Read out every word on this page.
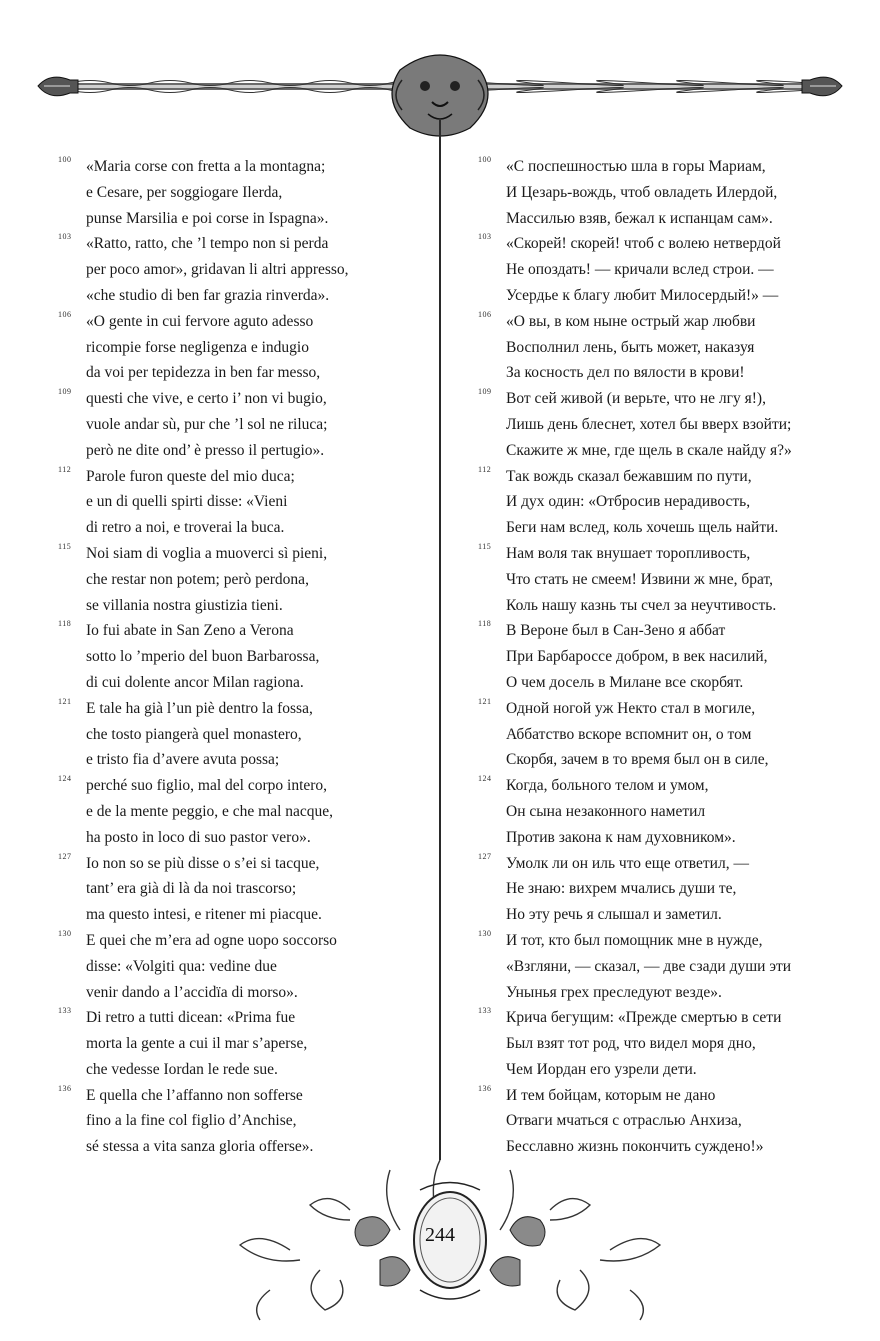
100 «Maria corse con fretta a la montagna;
e Cesare, per soggiogare Ilerda,
punse Marsilia e poi corse in Ispagna».
103 «Ratto, ratto, che ’l tempo non si perda
per poco amor», gridavan li altri appresso,
«che studio di ben far grazia rinverda».
106 «O gente in cui fervore aguto adesso
ricompie forse negligenza e indugio
da voi per tepidezza in ben far messo,
109 questi che vive, e certo i’ non vi bugio,
vuole andar sù, pur che ’l sol ne riluca;
però ne dite ond’ è presso il pertugio».
112 Parole furon queste del mio duca;
e un di quelli spirti disse: «Vieni
di retro a noi, e troverai la buca.
115 Noi siam di voglia a muoverci sì pieni,
che restar non potem; però perdona,
se villania nostra giustizia tieni.
118 Io fui abate in San Zeno a Verona
sotto lo ’mperio del buon Barbarossa,
di cui dolente ancor Milan ragiona.
121 E tale ha già l’un piè dentro la fossa,
che tosto piangerà quel monastero,
e tristo fia d’avere avuta possa;
124 perché suo figlio, mal del corpo intero,
e de la mente peggio, e che mal nacque,
ha posto in loco di suo pastor vero».
127 Io non so se più disse o s’ei si tacque,
tant’ era già di là da noi trascorso;
ma questo intesi, e ritener mi piacque.
130 E quei che m’era ad ogne uopo soccorso
disse: «Volgiti qua: vedine due
venir dando a l’accidïa di morso».
133 Di retro a tutti dicean: «Prima fue
morta la gente a cui il mar s’aperse,
che vedesse Iordan le rede sue.
136 E quella che l’affanno non sofferse
fino a la fine col figlio d’Anchise,
sé stessa a vita sanza gloria offerse».
100 «С поспешностью шла в горы Мариам,
И Цезарь-вождь, чтоб овладеть Илердой,
Массилью взяв, бежал к испанцам сам».
103 «Скорей! скорей! чтоб с волею нетвердой
Не опоздать! — кричали вслед строи. —
Усердье к благу любит Милосердый!» —
106 «О вы, в ком ныне острый жар любви
Восполнил лень, быть может, наказуя
За косность дел по вялости в крови!
109 Вот сей живой (и верьте, что не лгу я!),
Лишь день блеснет, хотел бы вверх взойти;
Скажите ж мне, где щель в скале найду я?»
112 Так вождь сказал бежавшим по пути,
И дух один: «Отбросив нерадивость,
Беги нам вслед, коль хочешь щель найти.
115 Нам воля так внушает торопливость,
Что стать не смеем! Извини ж мне, брат,
Коль нашу казнь ты счел за неучтивость.
118 В Вероне был в Сан-Зено я аббат
При Барбароссе добром, в век насилий,
О чем досель в Милане все скорбят.
121 Одной ногой уж Некто стал в могиле,
Аббатство вскоре вспомнит он, о том
Скорбя, зачем в то время был он в силе,
124 Когда, больного телом и умом,
Он сына незаконного наметил
Против закона к нам духовником».
127 Умолк ли он иль что еще ответил, —
Не знаю: вихрем мчались души те,
Но эту речь я слышал и заметил.
130 И тот, кто был помощник мне в нужде,
«Взгляни, — сказал, — две сзади души эти
Унынья грех преследуют везде».
133 Крича бегущим: «Прежде смертью в сети
Был взят тот род, что видел моря дно,
Чем Иордан его узрели дети.
136 И тем бойцам, которым не дано
Отваги мчаться с отраслью Анхиза,
Бесславно жизнь покончить суждено!»
244
